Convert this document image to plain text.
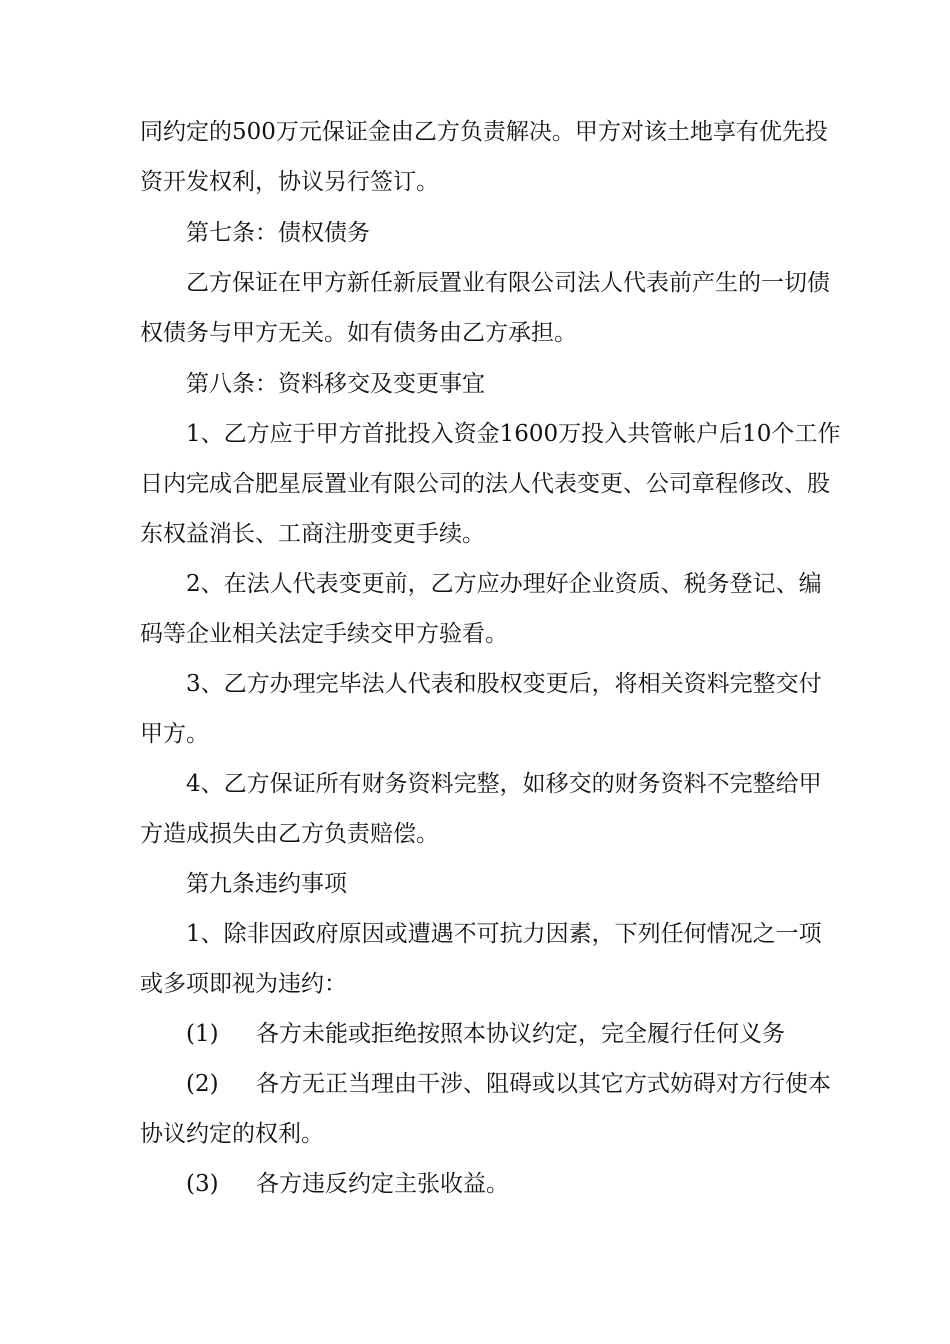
同约定的500万元保证金由乙方负责解决。甲方对该土地享有优先投
资开发权利，协议另行签订。
第七条：债权债务
乙方保证在甲方新任新辰置业有限公司法人代表前产生的一切债
权债务与甲方无关。如有债务由乙方承担。
第八条：资料移交及变更事宜
1、乙方应于甲方首批投入资金1600万投入共管帐户后10个工作
日内完成合肥星辰置业有限公司的法人代表变更、公司章程修改、股
东权益消长、工商注册变更手续。
2、在法人代表变更前，乙方应办理好企业资质、税务登记、编
码等企业相关法定手续交甲方验看。
3、乙方办理完毕法人代表和股权变更后，将相关资料完整交付
甲方。
4、乙方保证所有财务资料完整，如移交的财务资料不完整给甲
方造成损失由乙方负责赔偿。
第九条违约事项
1、除非因政府原因或遭遇不可抗力因素，下列任何情况之一项
或多项即视为违约：
(1) 各方未能或拒绝按照本协议约定，完全履行任何义务
(2) 各方无正当理由干涉、阻碍或以其它方式妨碍对方行使本
协议约定的权利。
(3) 各方违反约定主张收益。
